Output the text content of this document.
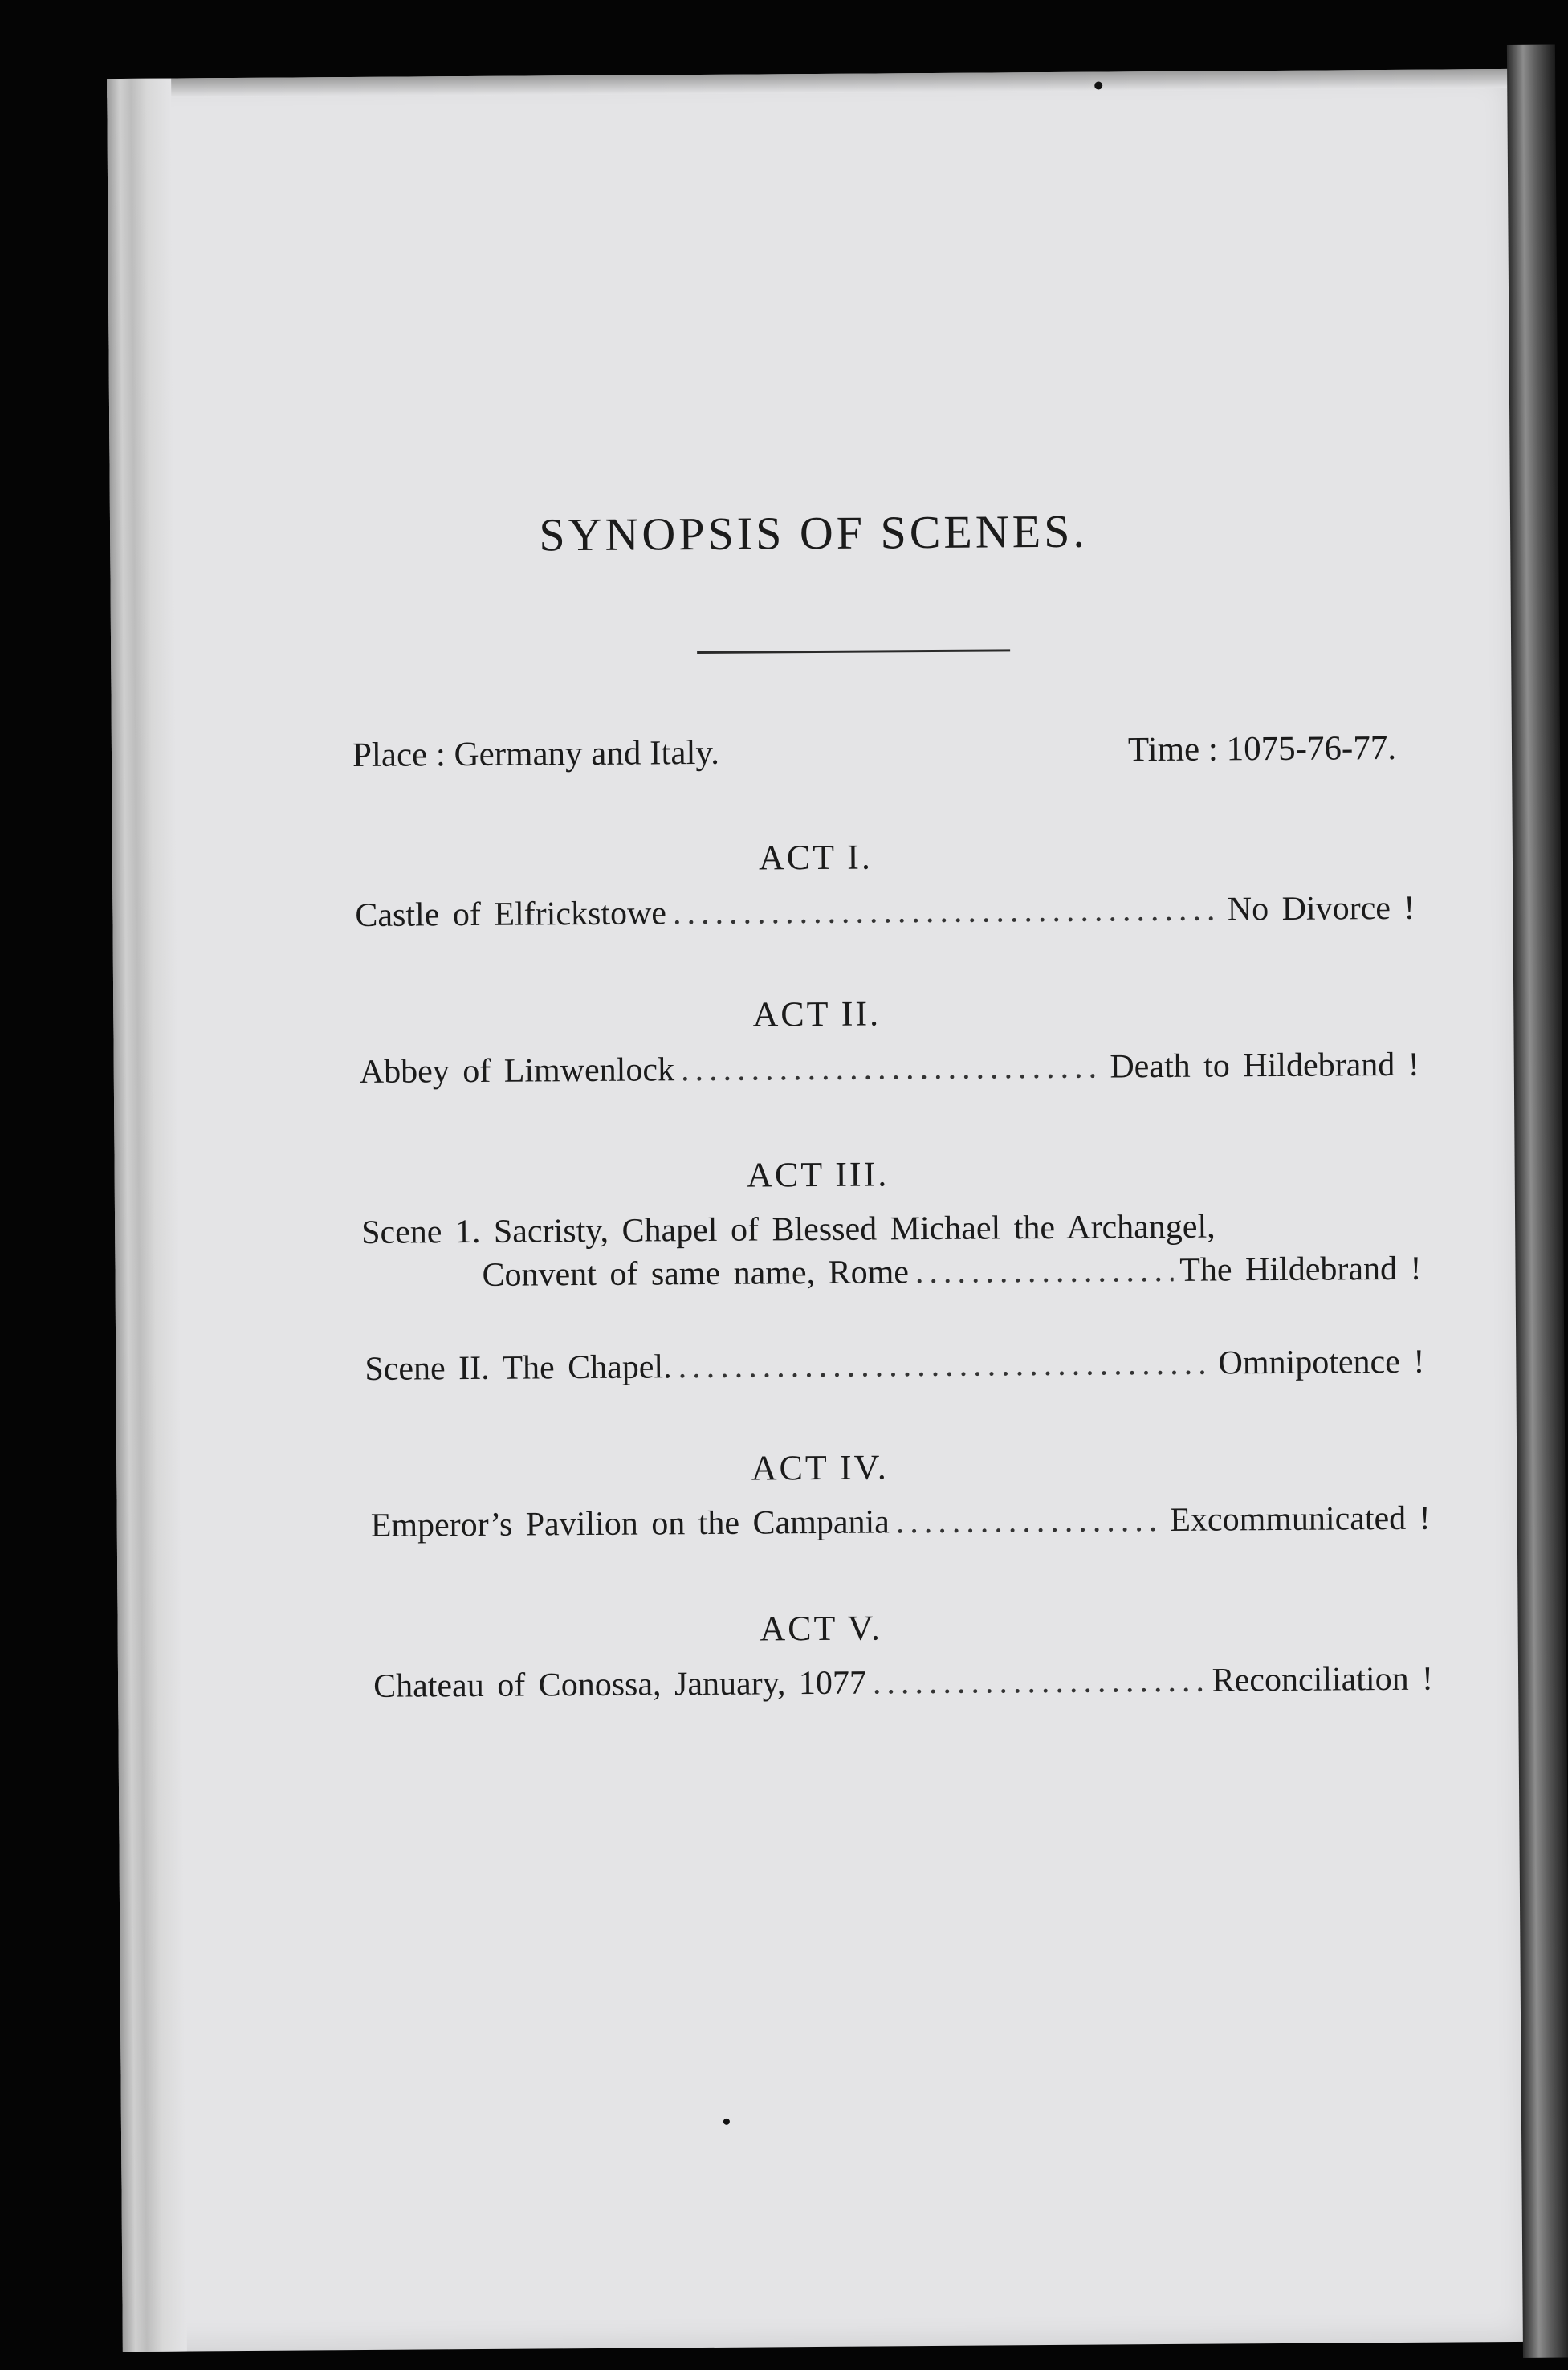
SYNOPSIS OF SCENES.
Place : Germany and Italy.	Time : 1075-76-77.
ACT I.
Castle of Elfrickstowe .....	No Divorce !
ACT II.
Abbey of Limwenlock .....	Death to Hildebrand !
ACT III.
Scene 1. Sacristy, Chapel of Blessed Michael the Archangel,
Convent of same name, Rome .....	The Hildebrand !
Scene II. The Chapel. .....	Omnipotence !
ACT IV.
Emperor’s Pavilion on the Campania .....	Excommunicated !
ACT V.
Chateau of Conossa, January, 1077 .....	Reconciliation !
